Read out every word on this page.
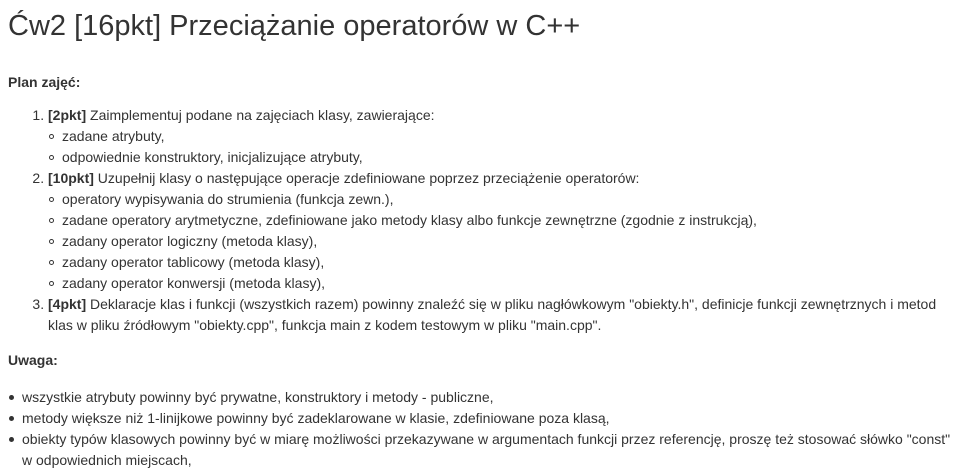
Ćw2 [16pkt] Przeciążanie operatorów w C++
Plan zajęć:
1. [2pkt] Zaimplementuj podane na zajęciach klasy, zawierające:
zadane atrybuty,
odpowiednie konstruktory, inicjalizujące atrybuty,
2. [10pkt] Uzupełnij klasy o następujące operacje zdefiniowane poprzez przeciążenie operatorów:
operatory wypisywania do strumienia (funkcja zewn.),
zadane operatory arytmetyczne, zdefiniowane jako metody klasy albo funkcje zewnętrzne (zgodnie z instrukcją),
zadany operator logiczny (metoda klasy),
zadany operator tablicowy (metoda klasy),
zadany operator konwersji (metoda klasy),
3. [4pkt] Deklaracje klas i funkcji (wszystkich razem) powinny znaleźć się w pliku nagłówkowym "obiekty.h", definicje funkcji zewnętrznych i metod klas w pliku źródłowym "obiekty.cpp", funkcja main z kodem testowym w pliku "main.cpp".
Uwaga:
wszystkie atrybuty powinny być prywatne, konstruktory i metody - publiczne,
metody większe niż 1-linijkowe powinny być zadeklarowane w klasie, zdefiniowane poza klasą,
obiekty typów klasowych powinny być w miarę możliwości przekazywane w argumentach funkcji przez referencję, proszę też stosować słówko "const" w odpowiednich miejscach,
